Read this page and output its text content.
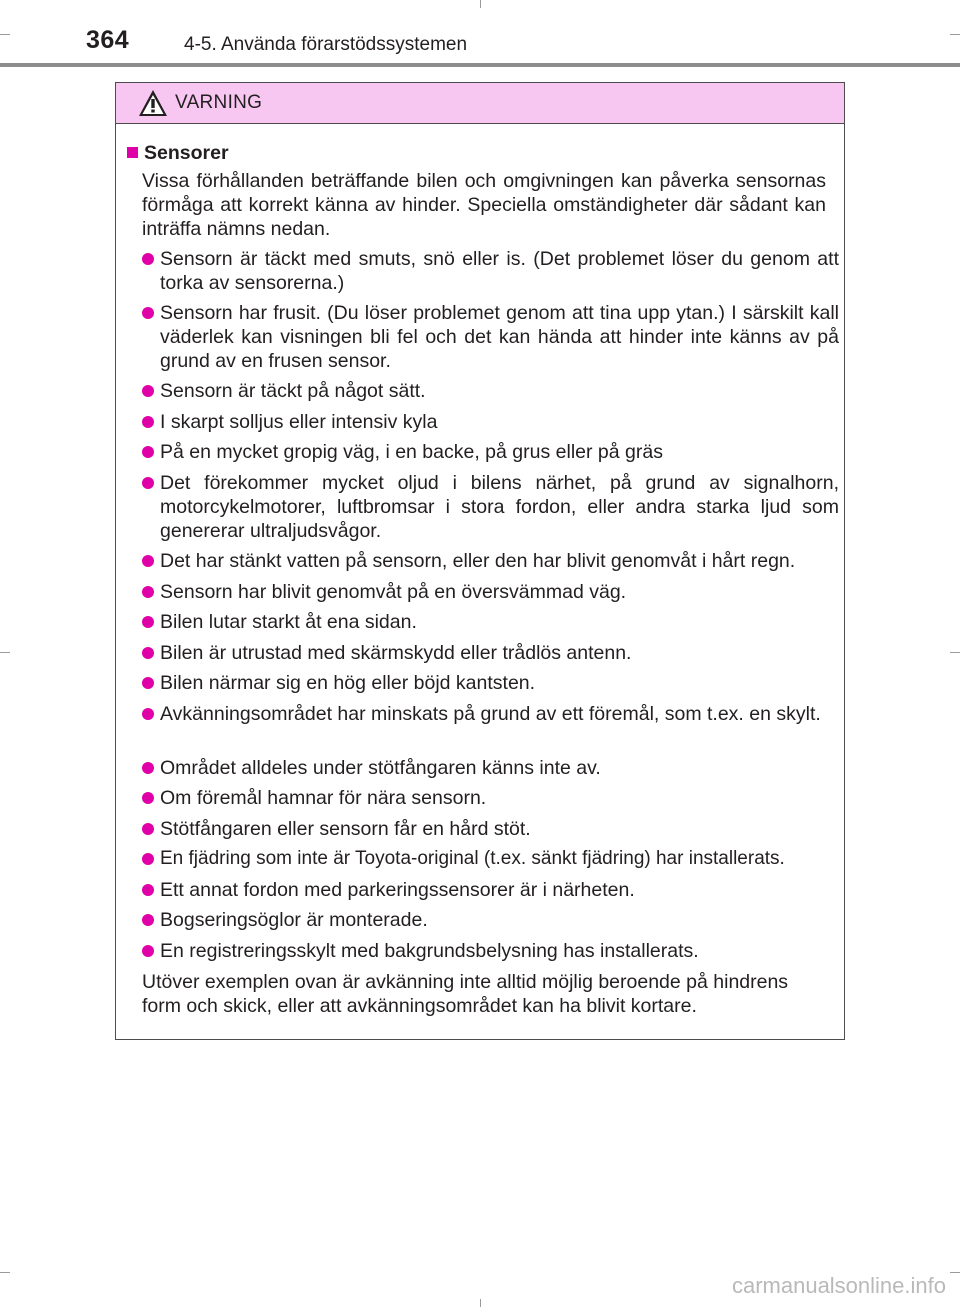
364	4-5. Använda förarstödssystemen
VARNING
Sensorer

Vissa förhållanden beträffande bilen och omgivningen kan påverka sensornas förmåga att korrekt känna av hinder. Speciella omständigheter där sådant kan inträffa nämns nedan.

Sensorn är täckt med smuts, snö eller is. (Det problemet löser du genom att torka av sensorerna.)
Sensorn har frusit. (Du löser problemet genom att tina upp ytan.) I särskilt kall väderlek kan visningen bli fel och det kan hända att hinder inte känns av på grund av en frusen sensor.
Sensorn är täckt på något sätt.
I skarpt solljus eller intensiv kyla
På en mycket gropig väg, i en backe, på grus eller på gräs
Det förekommer mycket oljud i bilens närhet, på grund av signalhorn, motorcykelmotorer, luftbromsar i stora fordon, eller andra starka ljud som genererar ultraljudsvågor.
Det har stänkt vatten på sensorn, eller den har blivit genomvåt i hårt regn.
Sensorn har blivit genomvåt på en översvämmad väg.
Bilen lutar starkt åt ena sidan.
Bilen är utrustad med skärmskydd eller trådlös antenn.
Bilen närmar sig en hög eller böjd kantsten.
Avkänningsområdet har minskats på grund av ett föremål, som t.ex. en skylt.
Området alldeles under stötfångaren känns inte av.
Om föremål hamnar för nära sensorn.
Stötfångaren eller sensorn får en hård stöt.
En fjädring som inte är Toyota-original (t.ex. sänkt fjädring) har installerats.
Ett annat fordon med parkeringssensorer är i närheten.
Bogseringsöglor är monterade.
En registreringsskylt med bakgrundsbelysning has installerats.

Utöver exemplen ovan är avkänning inte alltid möjlig beroende på hindrens form och skick, eller att avkänningsområdet kan ha blivit kortare.

carmanualsonline.info
